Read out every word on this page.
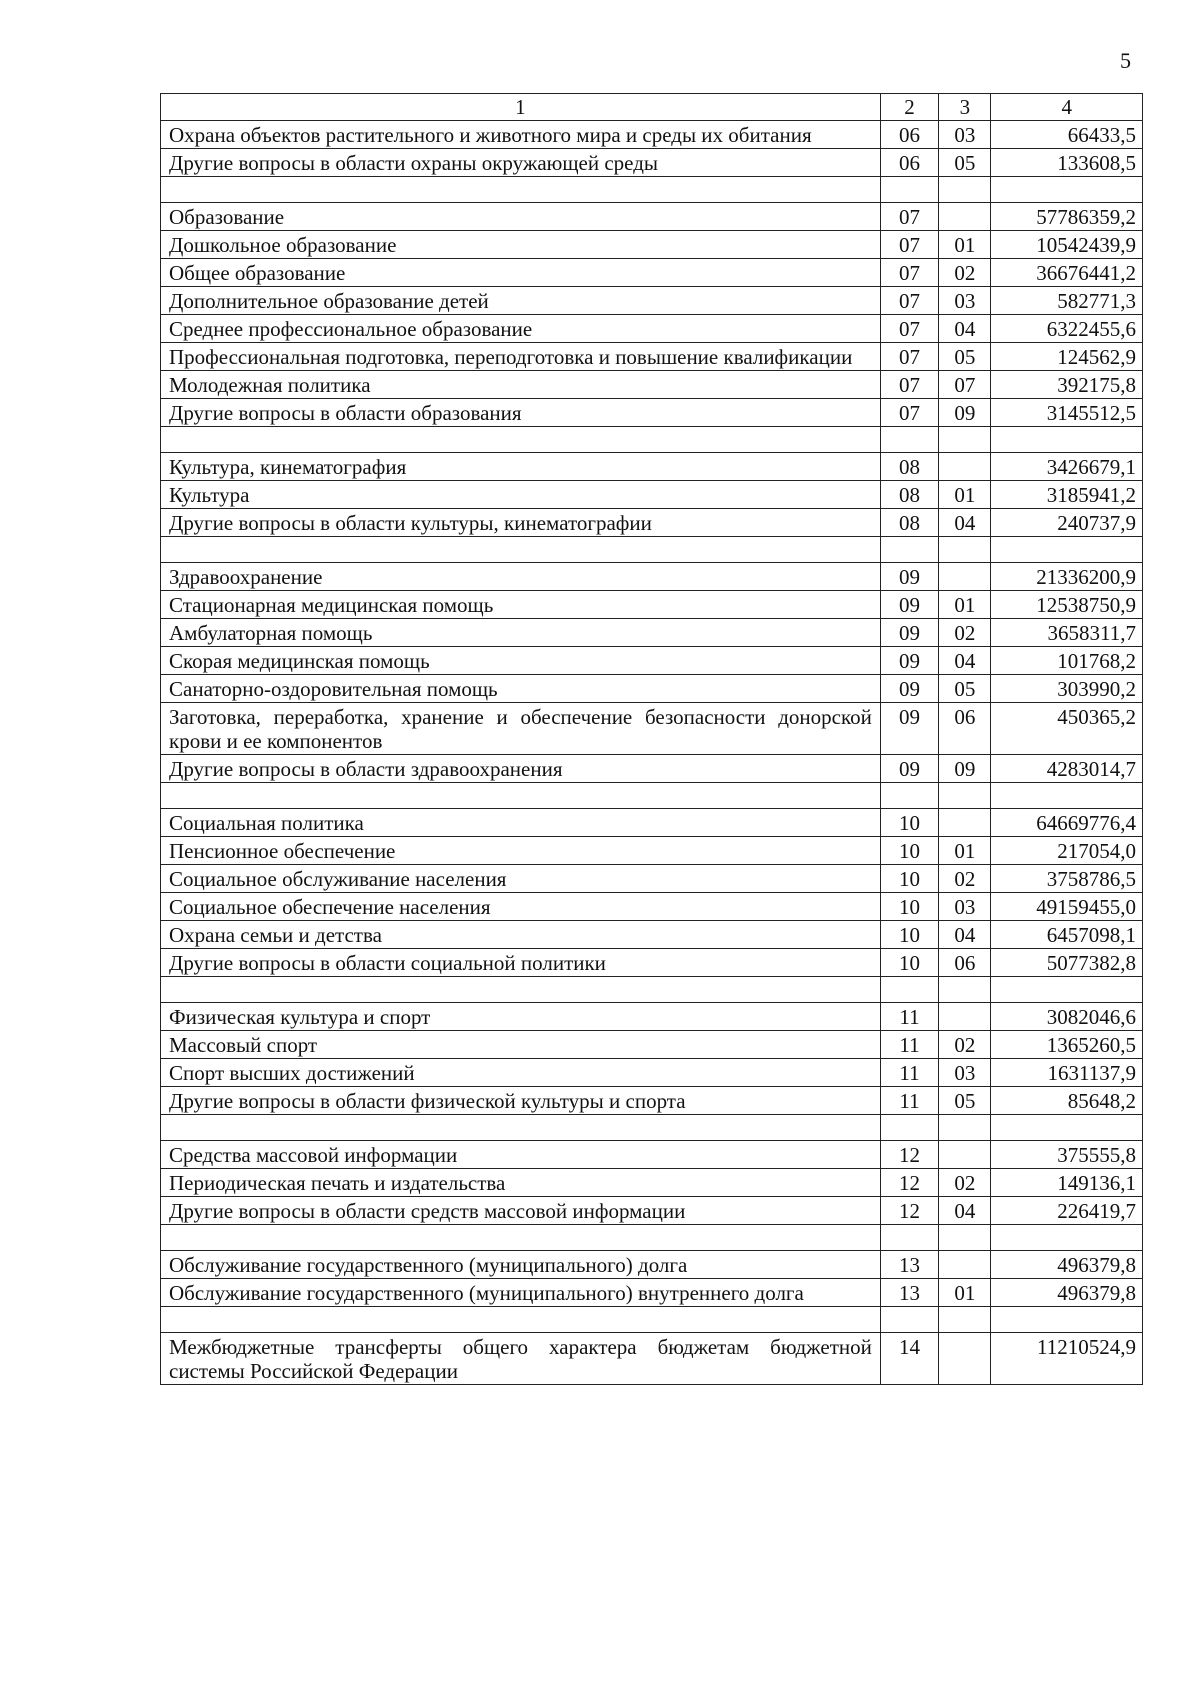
5
1	2	3	4
Охрана объектов растительного и животного мира и среды их обитания	06	03	66433,5
Другие вопросы в области охраны окружающей среды	06	05	133608,5

Образование	07		57786359,2
Дошкольное образование	07	01	10542439,9
Общее образование	07	02	36676441,2
Дополнительное образование детей	07	03	582771,3
Среднее профессиональное образование	07	04	6322455,6
Профессиональная подготовка, переподготовка и повышение квалификации	07	05	124562,9
Молодежная политика	07	07	392175,8
Другие вопросы в области образования	07	09	3145512,5

Культура, кинематография	08		3426679,1
Культура	08	01	3185941,2
Другие вопросы в области культуры, кинематографии	08	04	240737,9

Здравоохранение	09		21336200,9
Стационарная медицинская помощь	09	01	12538750,9
Амбулаторная помощь	09	02	3658311,7
Скорая медицинская помощь	09	04	101768,2
Санаторно-оздоровительная помощь	09	05	303990,2
Заготовка, переработка, хранение и обеспечение безопасности донорской крови и ее компонентов	09	06	450365,2
Другие вопросы в области здравоохранения	09	09	4283014,7

Социальная политика	10		64669776,4
Пенсионное обеспечение	10	01	217054,0
Социальное обслуживание населения	10	02	3758786,5
Социальное обеспечение населения	10	03	49159455,0
Охрана семьи и детства	10	04	6457098,1
Другие вопросы в области социальной политики	10	06	5077382,8

Физическая культура и спорт	11		3082046,6
Массовый спорт	11	02	1365260,5
Спорт высших достижений	11	03	1631137,9
Другие вопросы в области физической культуры и спорта	11	05	85648,2

Средства массовой информации	12		375555,8
Периодическая печать и издательства	12	02	149136,1
Другие вопросы в области средств массовой информации	12	04	226419,7

Обслуживание государственного (муниципального) долга	13		496379,8
Обслуживание государственного (муниципального) внутреннего долга	13	01	496379,8

Межбюджетные трансферты общего характера бюджетам бюджетной системы Российской Федерации	14		11210524,9
